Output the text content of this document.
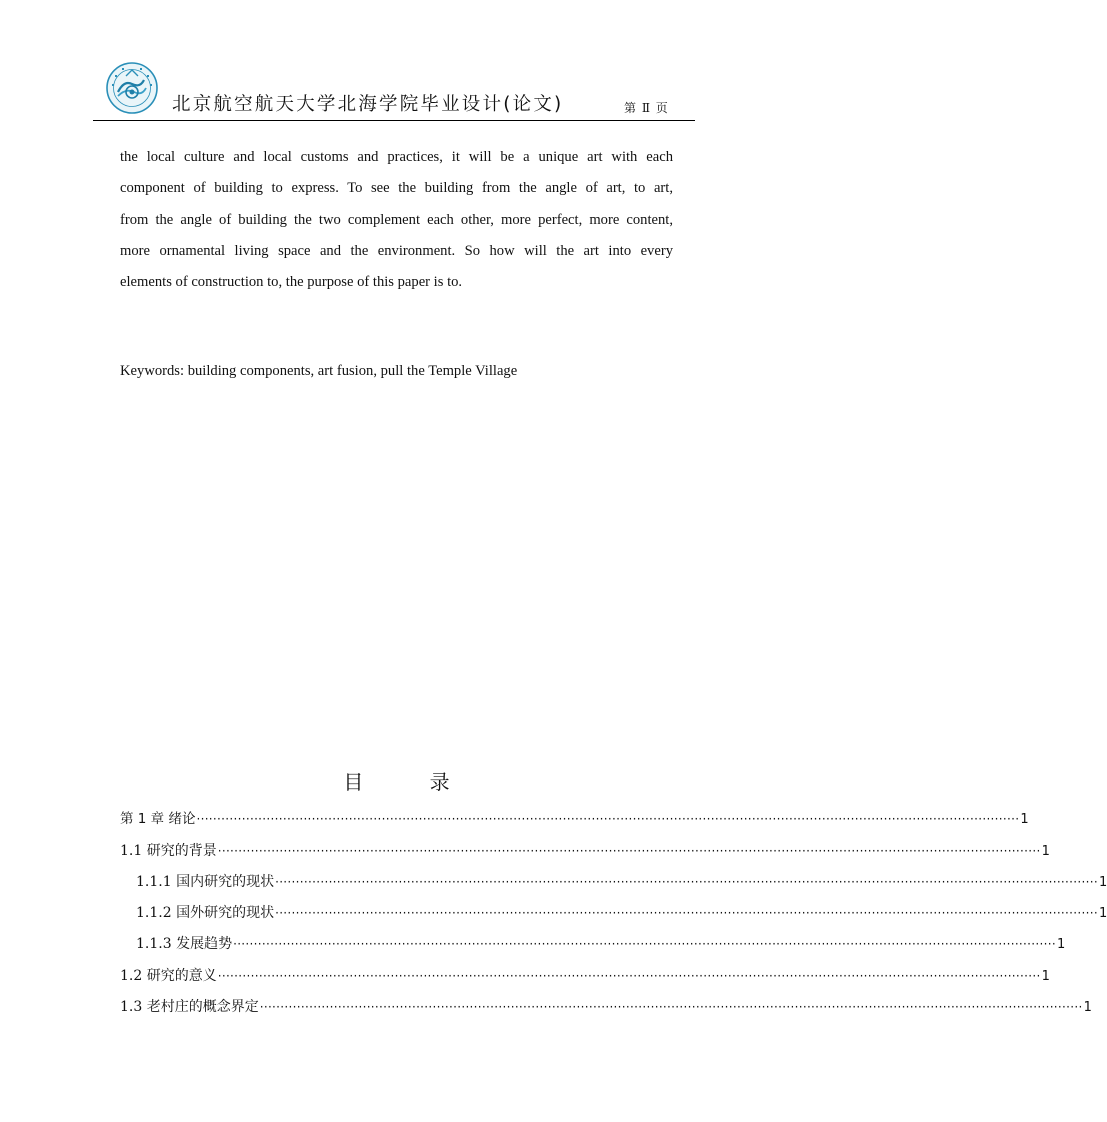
北京航空航天大学北海学院毕业设计(论文)	第 Ⅱ 页
the local culture and local customs and practices, it will be a unique art with each
component of building to express. To see the building from the angle of art, to art,
from the angle of building the two complement each other, more perfect, more content,
more ornamental living space and the environment. So how will the art into every
elements of construction to, the purpose of this paper is to.
Keywords: building components, art fusion, pull the Temple Village
目 录
第 1 章 绪论 ········································································································································································································ 1
1.1 研究的背景 ········································································································································································································ 1
1.1.1 国内研究的现状 ········································································································································································································ 1
1.1.2 国外研究的现状 ········································································································································································································ 1
1.1.3 发展趋势 ········································································································································································································ 1
1.2 研究的意义 ········································································································································································································ 1
1.3 老村庄的概念界定 ········································································································································································································ 1
